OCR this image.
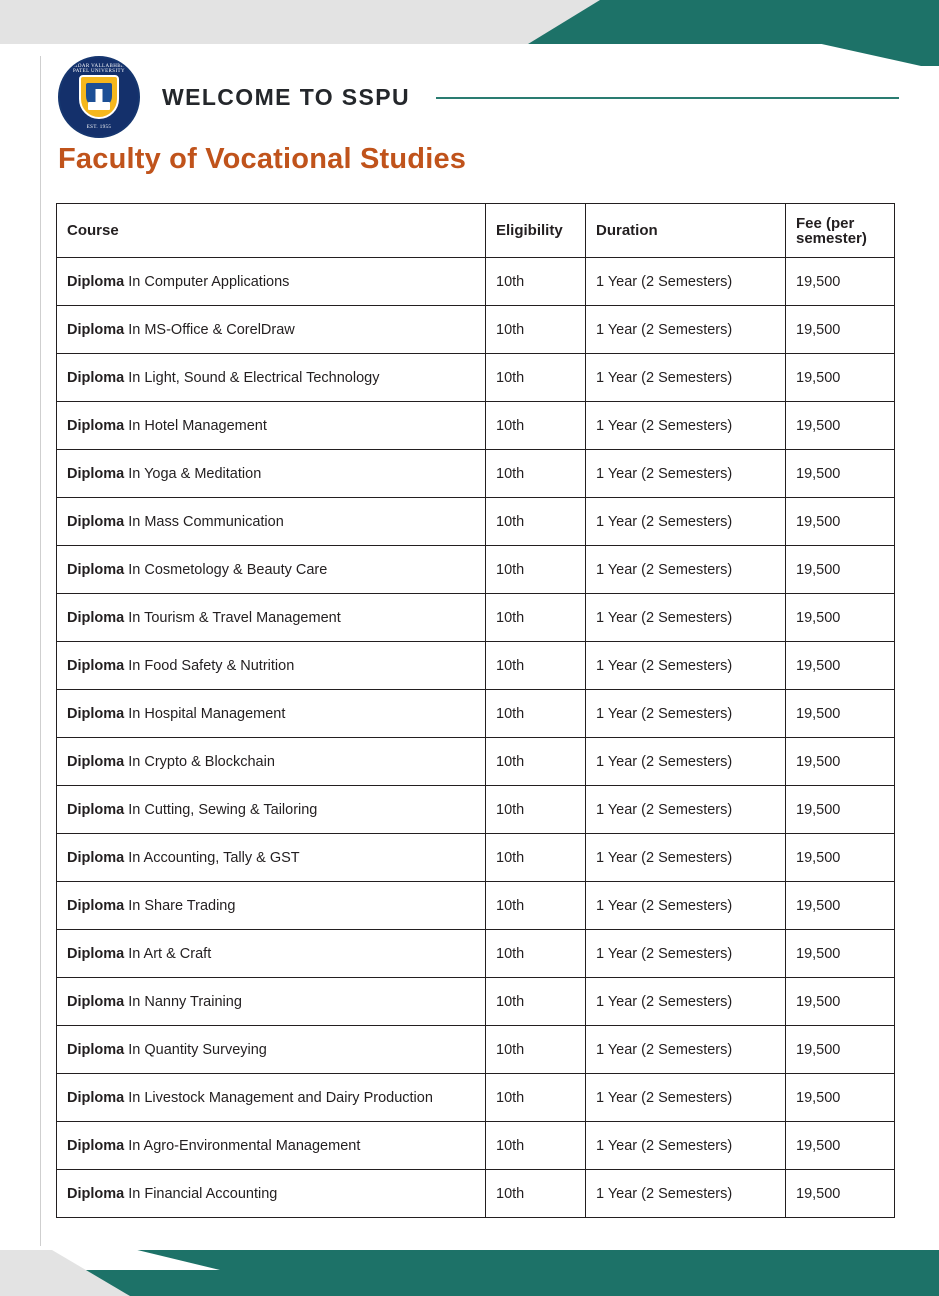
SARDAR VALLABHBHAI PATEL UNIVERSITY
EST. 1955
WELCOME TO SSPU
Faculty of Vocational Studies
Course	Eligibility	Duration	Fee (per
semester)

Diploma In Computer Applications	10th	1 Year (2 Semesters)	19,500
Diploma In MS-Office & CorelDraw	10th	1 Year (2 Semesters)	19,500
Diploma In Light, Sound & Electrical Technology	10th	1 Year (2 Semesters)	19,500
Diploma In Hotel Management	10th	1 Year (2 Semesters)	19,500
Diploma In Yoga & Meditation	10th	1 Year (2 Semesters)	19,500
Diploma In Mass Communication	10th	1 Year (2 Semesters)	19,500
Diploma In Cosmetology & Beauty Care	10th	1 Year (2 Semesters)	19,500
Diploma In Tourism & Travel Management	10th	1 Year (2 Semesters)	19,500
Diploma In Food Safety & Nutrition	10th	1 Year (2 Semesters)	19,500
Diploma In Hospital Management	10th	1 Year (2 Semesters)	19,500
Diploma In Crypto & Blockchain	10th	1 Year (2 Semesters)	19,500
Diploma In Cutting, Sewing & Tailoring	10th	1 Year (2 Semesters)	19,500
Diploma In Accounting, Tally & GST	10th	1 Year (2 Semesters)	19,500
Diploma In Share Trading	10th	1 Year (2 Semesters)	19,500
Diploma In Art & Craft	10th	1 Year (2 Semesters)	19,500
Diploma In Nanny Training	10th	1 Year (2 Semesters)	19,500
Diploma In Quantity Surveying	10th	1 Year (2 Semesters)	19,500
Diploma In Livestock Management and Dairy Production	10th	1 Year (2 Semesters)	19,500
Diploma In Agro-Environmental Management	10th	1 Year (2 Semesters)	19,500
Diploma In Financial Accounting	10th	1 Year (2 Semesters)	19,500
